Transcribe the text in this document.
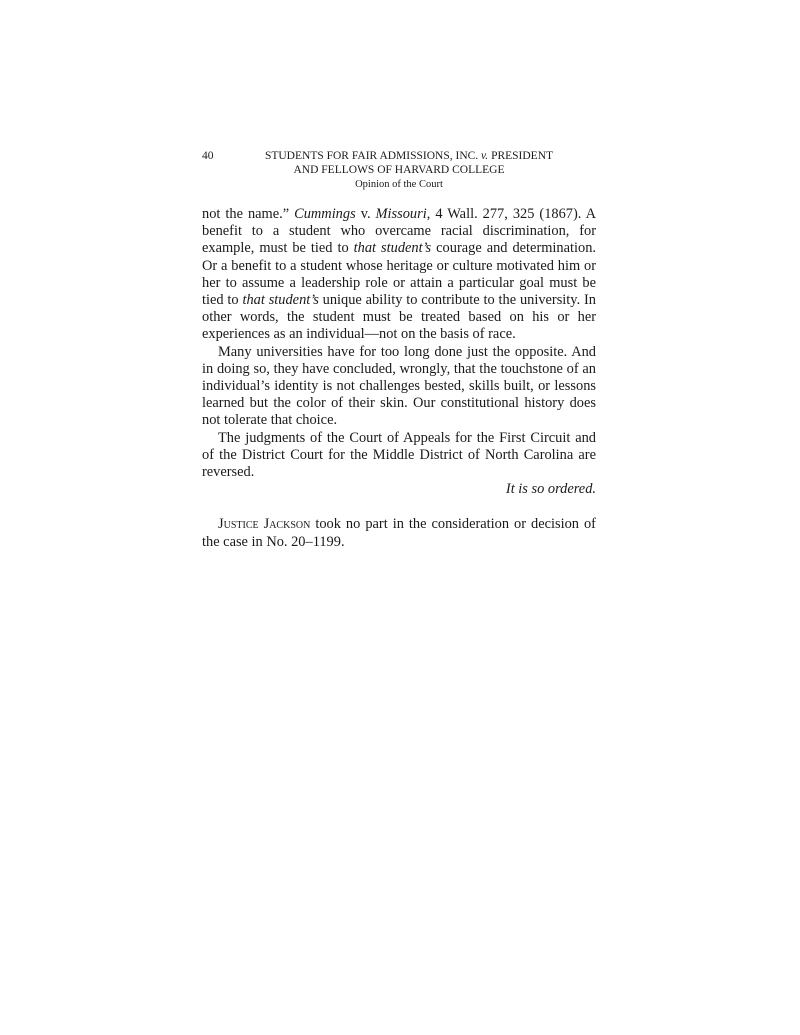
40	STUDENTS FOR FAIR ADMISSIONS, INC. v. PRESIDENT
AND FELLOWS OF HARVARD COLLEGE
Opinion of the Court

not the name.” Cummings v. Missouri, 4 Wall. 277, 325 (1867). A benefit to a student who overcame racial discrimination, for example, must be tied to that student’s courage and determination. Or a benefit to a student whose heritage or culture motivated him or her to assume a leadership role or attain a particular goal must be tied to that student’s unique ability to contribute to the university. In other words, the student must be treated based on his or her experiences as an individual—not on the basis of race.

Many universities have for too long done just the opposite. And in doing so, they have concluded, wrongly, that the touchstone of an individual’s identity is not challenges bested, skills built, or lessons learned but the color of their skin. Our constitutional history does not tolerate that choice.

The judgments of the Court of Appeals for the First Circuit and of the District Court for the Middle District of North Carolina are reversed.

It is so ordered.

Justice Jackson took no part in the consideration or decision of the case in No. 20–1199.
